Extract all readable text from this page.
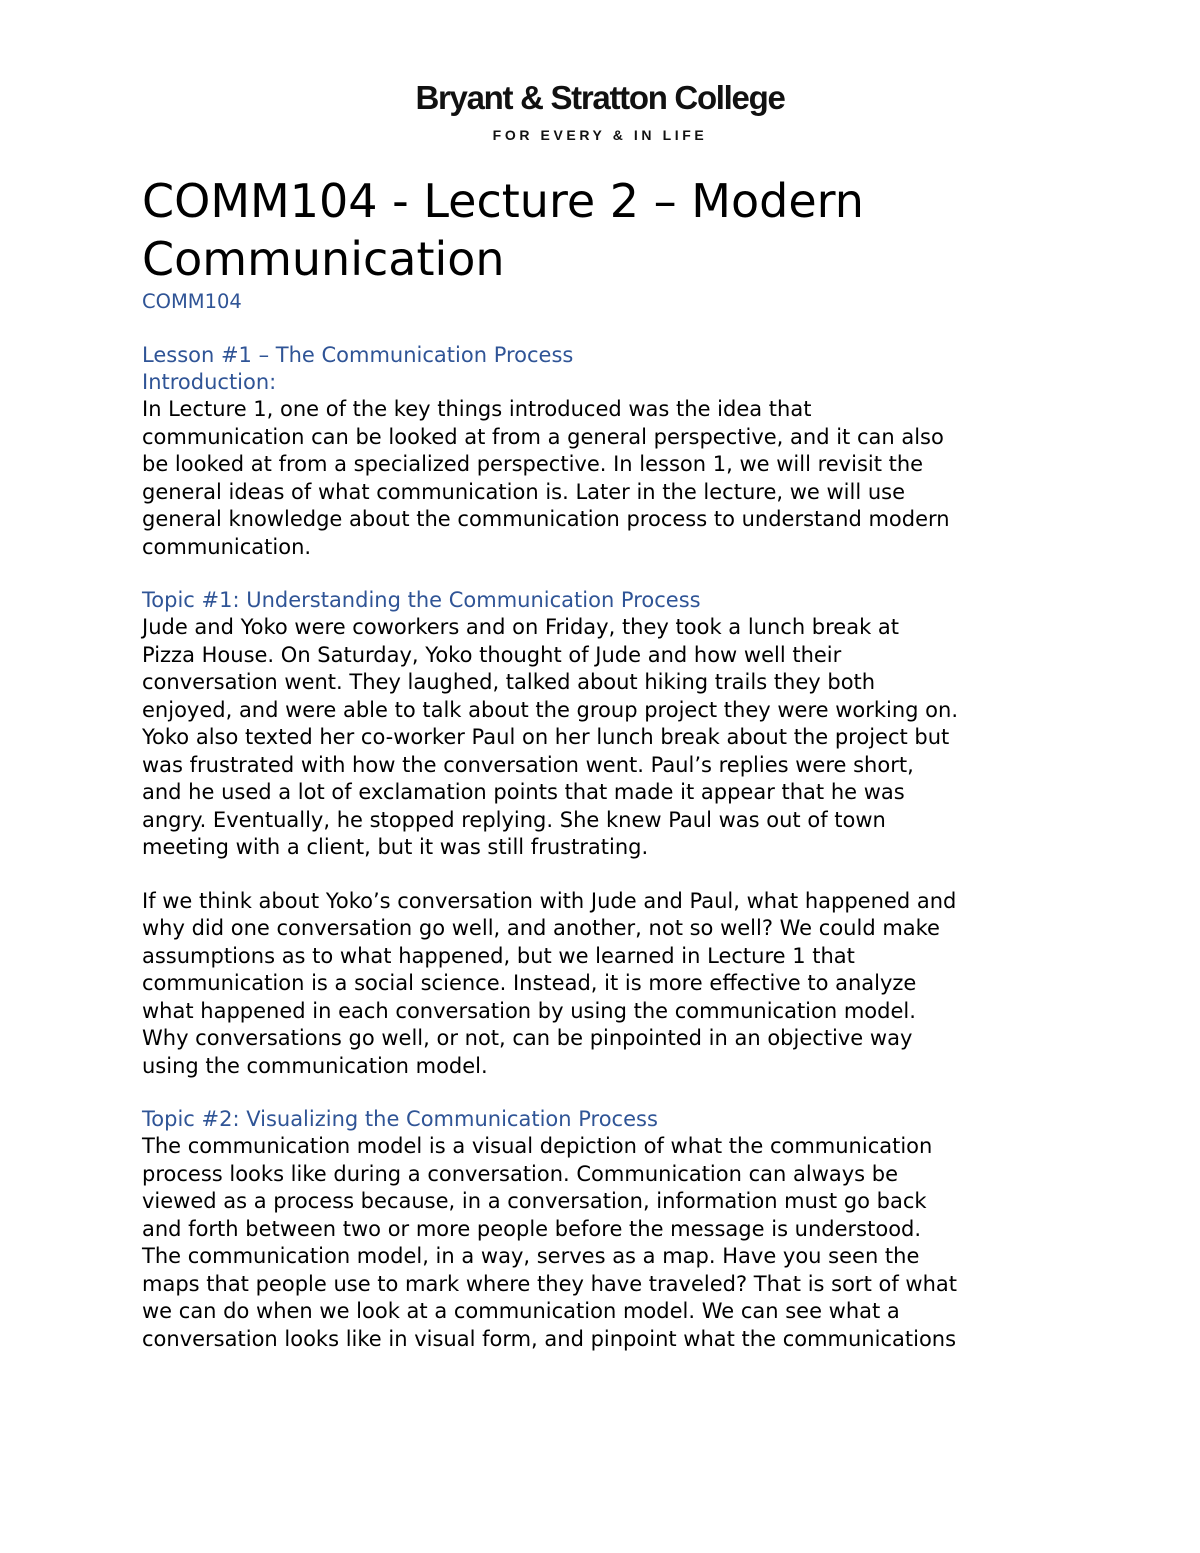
Bryant & Stratton College
FOR EVERY & IN LIFE
COMM104 - Lecture 2 – Modern
Communication

COMM104

Lesson #1 – The Communication Process
Introduction:

In Lecture 1, one of the key things introduced was the idea that
communication can be looked at from a general perspective, and it can also
be looked at from a specialized perspective. In lesson 1, we will revisit the
general ideas of what communication is. Later in the lecture, we will use
general knowledge about the communication process to understand modern
communication.

Topic #1: Understanding the Communication Process

Jude and Yoko were coworkers and on Friday, they took a lunch break at
Pizza House. On Saturday, Yoko thought of Jude and how well their
conversation went. They laughed, talked about hiking trails they both
enjoyed, and were able to talk about the group project they were working on.
Yoko also texted her co-worker Paul on her lunch break about the project but
was frustrated with how the conversation went. Paul’s replies were short,
and he used a lot of exclamation points that made it appear that he was
angry. Eventually, he stopped replying. She knew Paul was out of town
meeting with a client, but it was still frustrating.

If we think about Yoko’s conversation with Jude and Paul, what happened and
why did one conversation go well, and another, not so well? We could make
assumptions as to what happened, but we learned in Lecture 1 that
communication is a social science. Instead, it is more effective to analyze
what happened in each conversation by using the communication model.
Why conversations go well, or not, can be pinpointed in an objective way
using the communication model.

Topic #2: Visualizing the Communication Process

The communication model is a visual depiction of what the communication
process looks like during a conversation. Communication can always be
viewed as a process because, in a conversation, information must go back
and forth between two or more people before the message is understood.
The communication model, in a way, serves as a map. Have you seen the
maps that people use to mark where they have traveled? That is sort of what
we can do when we look at a communication model. We can see what a
conversation looks like in visual form, and pinpoint what the communications
